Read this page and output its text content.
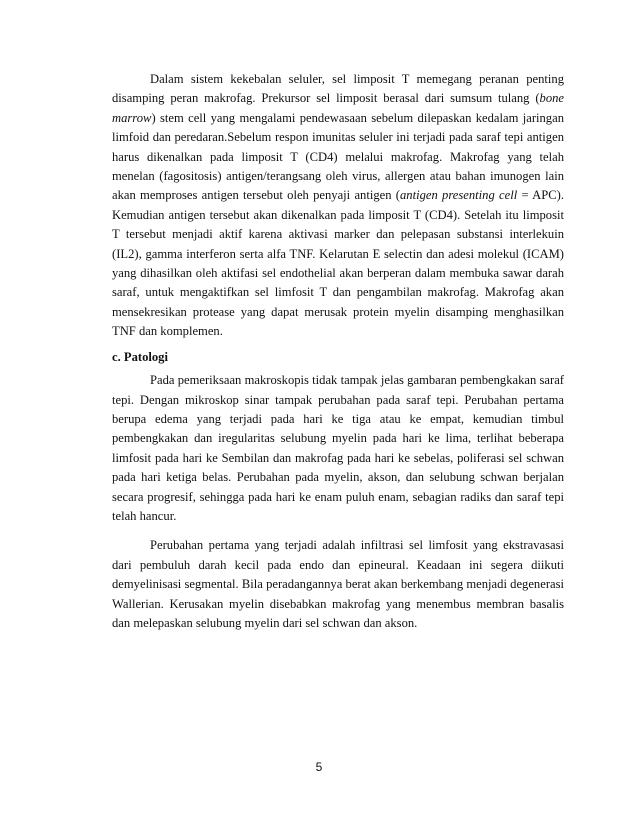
Dalam sistem kekebalan seluler, sel limposit T memegang peranan penting disamping peran makrofag. Prekursor sel limposit berasal dari sumsum tulang (bone marrow) stem cell yang mengalami pendewasaan sebelum dilepaskan kedalam jaringan limfoid dan peredaran.Sebelum respon imunitas seluler ini terjadi pada saraf tepi antigen harus dikenalkan pada limposit T (CD4) melalui makrofag. Makrofag yang telah menelan (fagositosis) antigen/terangsang oleh virus, allergen atau bahan imunogen lain akan memproses antigen tersebut oleh penyaji antigen (antigen presenting cell = APC). Kemudian antigen tersebut akan dikenalkan pada limposit T (CD4). Setelah itu limposit T tersebut menjadi aktif karena aktivasi marker dan pelepasan substansi interlekuin (IL2), gamma interferon serta alfa TNF. Kelarutan E selectin dan adesi molekul (ICAM) yang dihasilkan oleh aktifasi sel endothelial akan berperan dalam membuka sawar darah saraf, untuk mengaktifkan sel limfosit T dan pengambilan makrofag. Makrofag akan mensekresikan protease yang dapat merusak protein myelin disamping menghasilkan TNF dan komplemen.

c. Patologi

Pada pemeriksaan makroskopis tidak tampak jelas gambaran pembengkakan saraf tepi. Dengan mikroskop sinar tampak perubahan pada saraf tepi. Perubahan pertama berupa edema yang terjadi pada hari ke tiga atau ke empat, kemudian timbul pembengkakan dan iregularitas selubung myelin pada hari ke lima, terlihat beberapa limfosit pada hari ke Sembilan dan makrofag pada hari ke sebelas, poliferasi sel schwan pada hari ketiga belas. Perubahan pada myelin, akson, dan selubung schwan berjalan secara progresif, sehingga pada hari ke enam puluh enam, sebagian radiks dan saraf tepi telah hancur.

Perubahan pertama yang terjadi adalah infiltrasi sel limfosit yang ekstravasasi dari pembuluh darah kecil pada endo dan epineural. Keadaan ini segera diikuti demyelinisasi segmental. Bila peradangannya berat akan berkembang menjadi degenerasi Wallerian. Kerusakan myelin disebabkan makrofag yang menembus membran basalis dan melepaskan selubung myelin dari sel schwan dan akson.

5
